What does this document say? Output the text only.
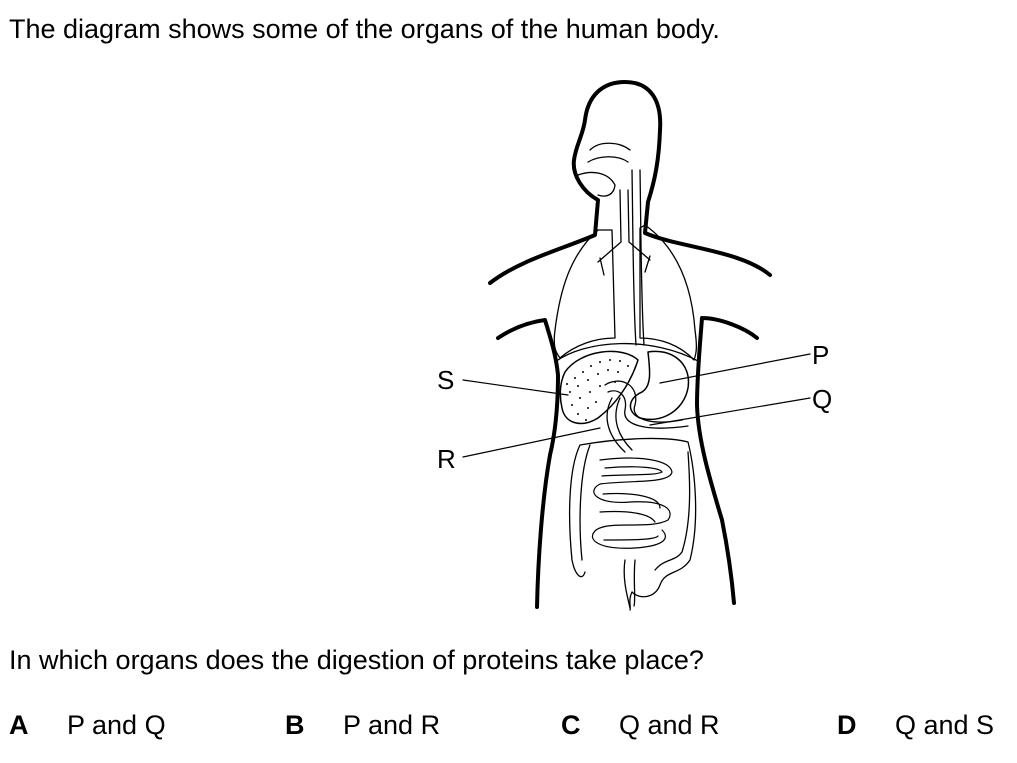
The diagram shows some of the organs of the human body.
P
Q
R
S
In which organs does the digestion of proteins take place?
A P and Q	B P and R	C Q and R	D Q and S
